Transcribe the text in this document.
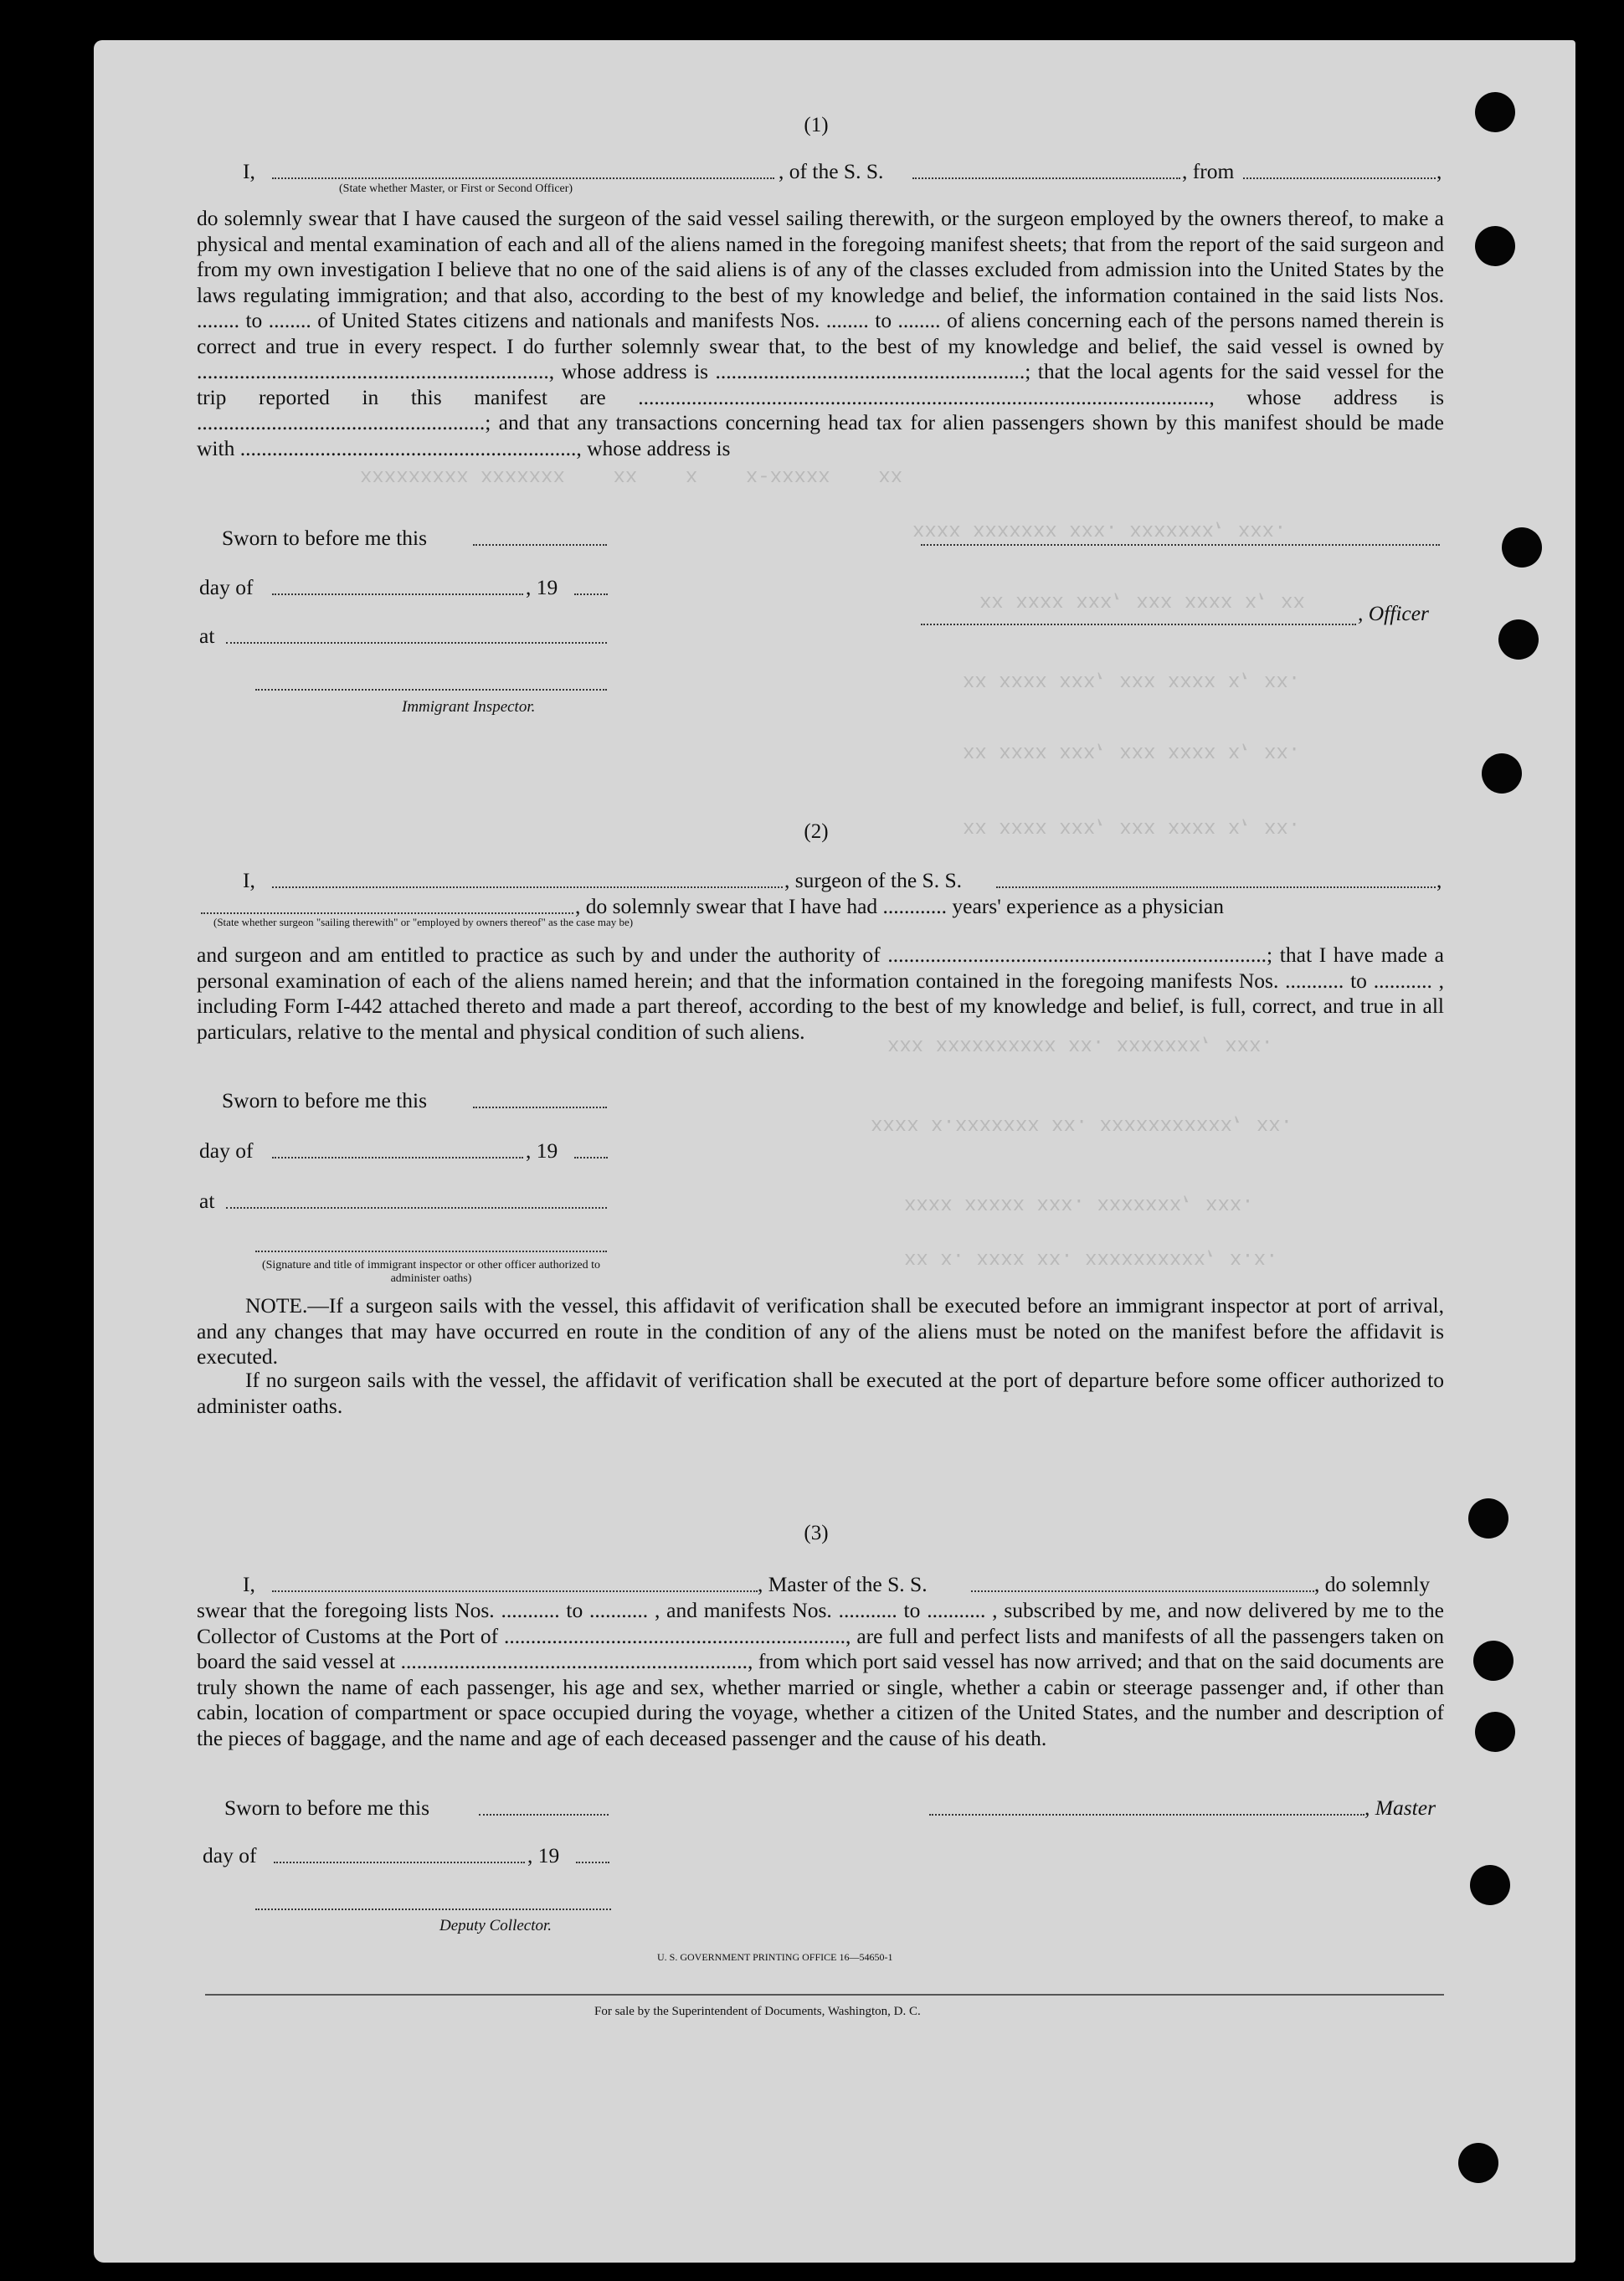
xxxxxxxxx xxxxxxx    xx    x    x-xxxxx    xx
xxxx xxxxxxx xxx. xxxxxxx, xxx.
xx xxxx xxx, xxx xxxx x, xx
xx xxxx xxx, xxx xxxx x, xx.
xx xxxx xxx, xxx xxxx x, xx.
xx xxxx xxx, xxx xxxx x, xx.
xxx xxxxxxxxxx xx. xxxxxxx, xxx.
xxxx x.xxxxxxx xx. xxxxxxxxxxx, xx.
xxxx xxxxx xxx. xxxxxxx, xxx.
xx x. xxxx xx. xxxxxxxxxx, x.x.
(1)
I,	, of the S. S.	, from	,
(State whether Master, or First or Second Officer)
do solemnly swear that I have caused the surgeon of the said vessel sailing therewith, or the surgeon employed by the owners thereof, to make a physical and mental examination of each and all of the aliens named in the foregoing manifest sheets; that from the report of the said surgeon and from my own investigation I believe that no one of the said aliens is of any of the classes excluded from admission into the United States by the laws regulating immigration; and that also, according to the best of my knowledge and belief, the information contained in the said lists Nos. ........ to ........ of United States citizens and nationals and manifests Nos. ........ to ........ of aliens concerning each of the persons named therein is correct and true in every respect. I do further solemnly swear that, to the best of my knowledge and belief, the said vessel is owned by .................................................................., whose address is ..........................................................; that the local agents for the said vessel for the trip reported in this manifest are ..........................................................................................................., whose address is ......................................................; and that any transactions concerning head tax for alien passengers shown by this manifest should be made with ..............................................................., whose address is
Sworn to before me this
day of	, 19
, Officer
at
Immigrant Inspector.
(2)
I,	, surgeon of the S. S.	,
, do solemnly swear that I have had ............ years' experience as a physician
(State whether surgeon "sailing therewith" or "employed by owners thereof" as the case may be)
and surgeon and am entitled to practice as such by and under the authority of .......................................................................; that I have made a personal examination of each of the aliens named herein; and that the information contained in the foregoing manifests Nos. ........... to ........... , including Form I-442 attached thereto and made a part thereof, according to the best of my knowledge and belief, is full, correct, and true in all particulars, relative to the mental and physical condition of such aliens.
Sworn to before me this
day of	, 19
at
(Signature and title of immigrant inspector or other officer authorized to administer oaths)
NOTE.—If a surgeon sails with the vessel, this affidavit of verification shall be executed before an immigrant inspector at port of arrival, and any changes that may have occurred en route in the condition of any of the aliens must be noted on the manifest before the affidavit is executed.
If no surgeon sails with the vessel, the affidavit of verification shall be executed at the port of departure before some officer authorized to administer oaths.
(3)
I,	, Master of the S. S.	, do solemnly
swear that the foregoing lists Nos. ........... to ........... , and manifests Nos. ........... to ........... , subscribed by me, and now delivered by me to the Collector of Customs at the Port of ................................................................, are full and perfect lists and manifests of all the passengers taken on board the said vessel at ................................................................., from which port said vessel has now arrived; and that on the said documents are truly shown the name of each passenger, his age and sex, whether married or single, whether a cabin or steerage passenger and, if other than cabin, location of compartment or space occupied during the voyage, whether a citizen of the United States, and the number and description of the pieces of baggage, and the name and age of each deceased passenger and the cause of his death.
Sworn to before me this	, Master
day of	, 19
Deputy Collector.
U. S. GOVERNMENT PRINTING OFFICE 16—54650-1
For sale by the Superintendent of Documents, Washington, D. C.
